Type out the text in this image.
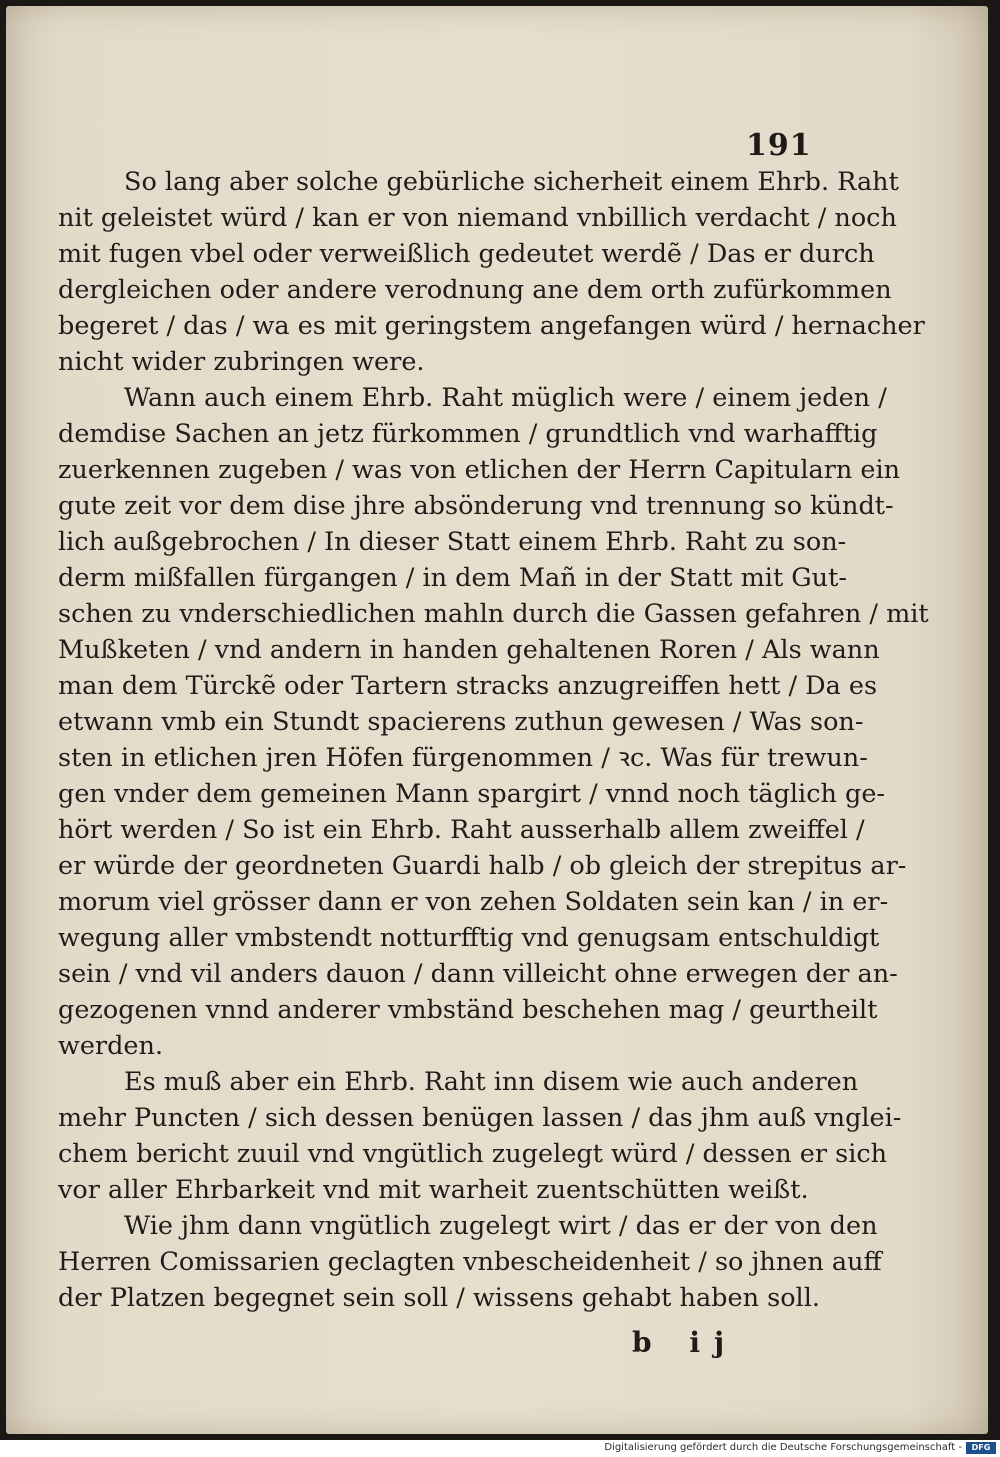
191
So lang aber solche gebürliche sicherheit einem Ehrb. Raht
nit geleistet würd / kan er von niemand vnbillich verdacht / noch
mit fugen vbel oder verweißlich gedeutet werdẽ / Das er durch
dergleichen oder andere verodnung ane dem orth zufürkommen
begeret / das / wa es mit geringstem angefangen würd / hernacher
nicht wider zubringen were.
Wann auch einem Ehrb. Raht müglich were / einem jeden /
demdise Sachen an jetz fürkommen / grundtlich vnd warhafftig
zuerkennen zugeben / was von etlichen der Herrn Capitularn ein
gute zeit vor dem dise jhre absönderung vnd trennung so kündt-
lich außgebrochen / In dieser Statt einem Ehrb. Raht zu son-
derm mißfallen fürgangen / in dem Mañ in der Statt mit Gut-
schen zu vnderschiedlichen mahln durch die Gassen gefahren / mit
Mußketen / vnd andern in handen gehaltenen Roren / Als wann
man dem Türckẽ oder Tartern stracks anzugreiffen hett / Da es
etwann vmb ein Stundt spacierens zuthun gewesen / Was son-
sten in etlichen jren Höfen fürgenommen / ꝛc. Was für trewun-
gen vnder dem gemeinen Mann spargirt / vnnd noch täglich ge-
hört werden / So ist ein Ehrb. Raht ausserhalb allem zweiffel /
er würde der geordneten Guardi halb / ob gleich der strepitus ar-
morum viel grösser dann er von zehen Soldaten sein kan / in er-
wegung aller vmbstendt notturfftig vnd genugsam entschuldigt
sein / vnd vil anders dauon / dann villeicht ohne erwegen der an-
gezogenen vnnd anderer vmbständ beschehen mag / geurtheilt
werden.
Es muß aber ein Ehrb. Raht inn disem wie auch anderen
mehr Puncten / sich dessen benügen lassen / das jhm auß vnglei-
chem bericht zuuil vnd vngütlich zugelegt würd / dessen er sich
vor aller Ehrbarkeit vnd mit warheit zuentschütten weißt.
Wie jhm dann vngütlich zugelegt wirt / das er der von den
Herren Comissarien geclagten vnbescheidenheit / so jhnen auff
der Platzen begegnet sein soll / wissens gehabt haben soll.
b ij
Digitalisierung gefördert durch die Deutsche Forschungsgemeinschaft -	DFG
